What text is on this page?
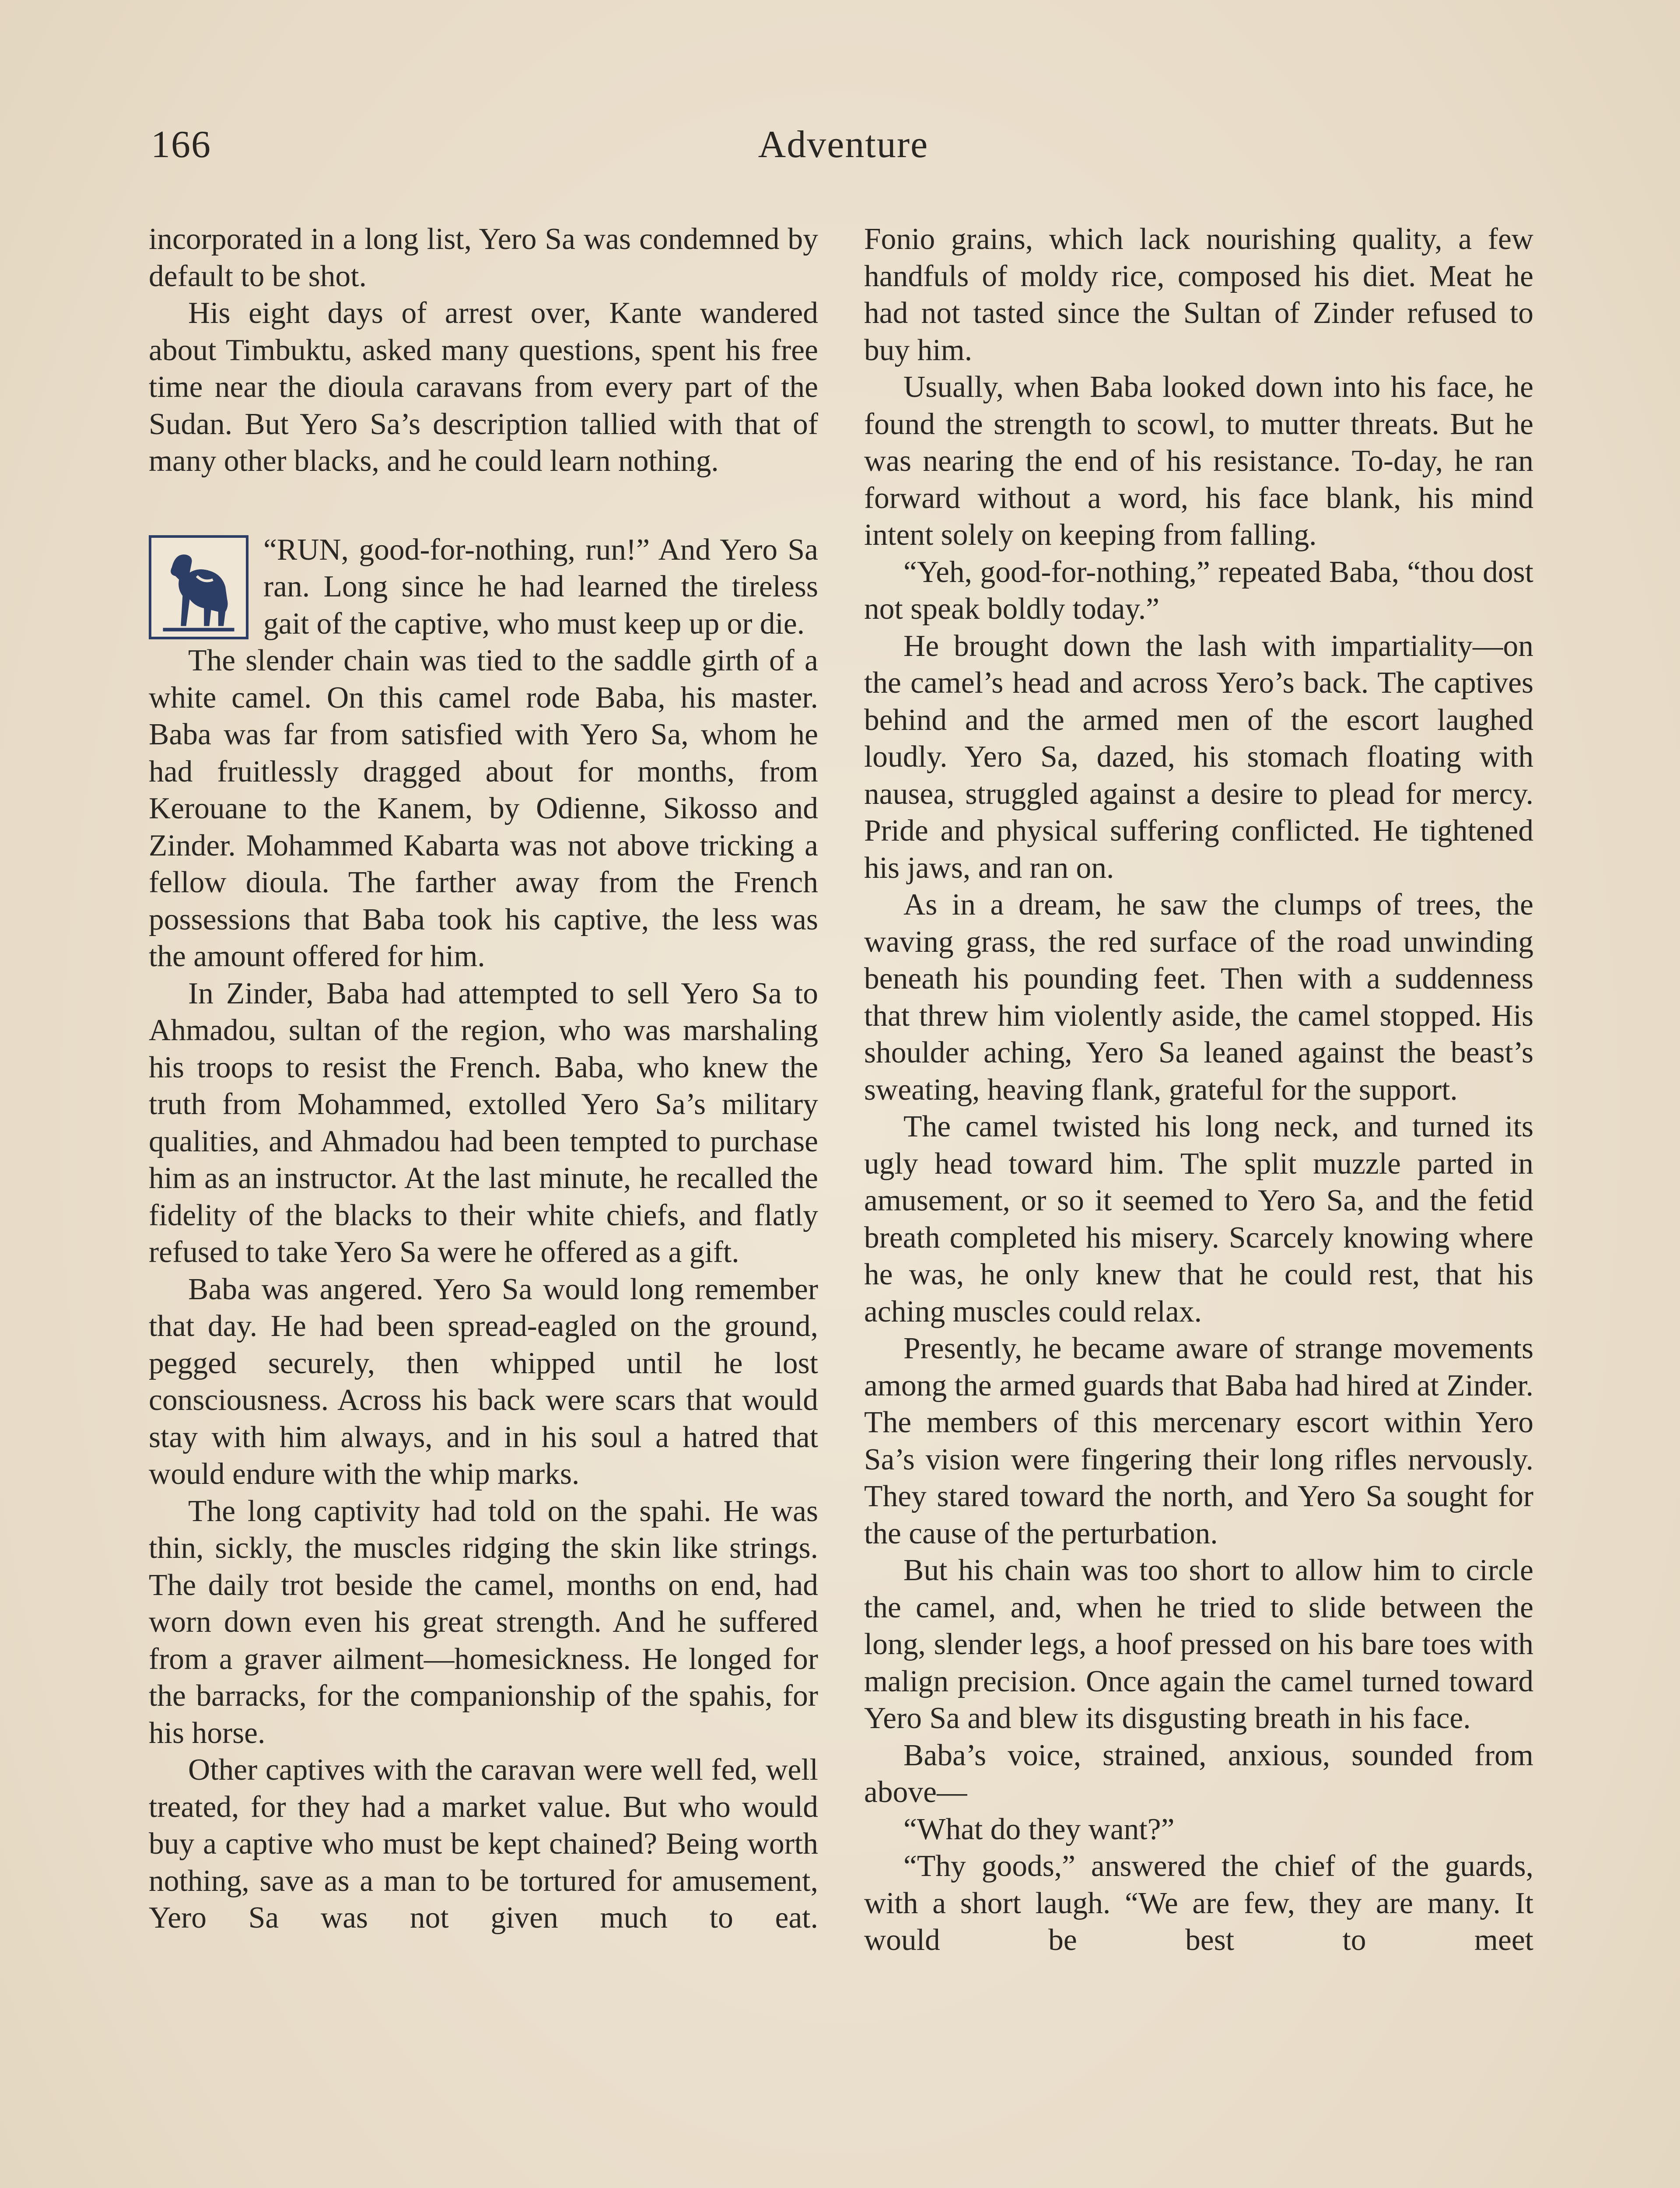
166	Adventure

incorporated in a long list, Yero Sa was condemned by default to be shot.

His eight days of arrest over, Kante wandered about Timbuktu, asked many questions, spent his free time near the dioula caravans from every part of the Sudan. But Yero Sa’s description tallied with that of many other blacks, and he could learn nothing.

“RUN, good-for-nothing, run!” And Yero Sa ran. Long since he had learned the tireless gait of the captive, who must keep up or die.

The slender chain was tied to the saddle girth of a white camel. On this camel rode Baba, his master. Baba was far from satisfied with Yero Sa, whom he had fruitlessly dragged about for months, from Kerouane to the Kanem, by Odienne, Sikosso and Zinder. Mohammed Kabarta was not above tricking a fellow dioula. The farther away from the French possessions that Baba took his captive, the less was the amount offered for him.

In Zinder, Baba had attempted to sell Yero Sa to Ahmadou, sultan of the region, who was marshaling his troops to resist the French. Baba, who knew the truth from Mohammed, extolled Yero Sa’s military qualities, and Ahmadou had been tempted to purchase him as an instructor. At the last minute, he recalled the fidelity of the blacks to their white chiefs, and flatly refused to take Yero Sa were he offered as a gift.

Baba was angered. Yero Sa would long remember that day. He had been spread-eagled on the ground, pegged securely, then whipped until he lost consciousness. Across his back were scars that would stay with him always, and in his soul a hatred that would endure with the whip marks.

The long captivity had told on the spahi. He was thin, sickly, the muscles ridging the skin like strings. The daily trot beside the camel, months on end, had worn down even his great strength. And he suffered from a graver ailment—homesickness. He longed for the barracks, for the companionship of the spahis, for his horse.

Other captives with the caravan were well fed, well treated, for they had a market value. But who would buy a captive who must be kept chained? Being worth nothing, save as a man to be tortured for amusement, Yero Sa was not given much to eat.

Fonio grains, which lack nourishing quality, a few handfuls of moldy rice, composed his diet. Meat he had not tasted since the Sultan of Zinder refused to buy him.

Usually, when Baba looked down into his face, he found the strength to scowl, to mutter threats. But he was nearing the end of his resistance. To-day, he ran forward without a word, his face blank, his mind intent solely on keeping from falling.

“Yeh, good-for-nothing,” repeated Baba, “thou dost not speak boldly today.”

He brought down the lash with impartiality—on the camel’s head and across Yero’s back. The captives behind and the armed men of the escort laughed loudly. Yero Sa, dazed, his stomach floating with nausea, struggled against a desire to plead for mercy. Pride and physical suffering conflicted. He tightened his jaws, and ran on.

As in a dream, he saw the clumps of trees, the waving grass, the red surface of the road unwinding beneath his pounding feet. Then with a suddenness that threw him violently aside, the camel stopped. His shoulder aching, Yero Sa leaned against the beast’s sweating, heaving flank, grateful for the support.

The camel twisted his long neck, and turned its ugly head toward him. The split muzzle parted in amusement, or so it seemed to Yero Sa, and the fetid breath completed his misery. Scarcely knowing where he was, he only knew that he could rest, that his aching muscles could relax.

Presently, he became aware of strange movements among the armed guards that Baba had hired at Zinder. The members of this mercenary escort within Yero Sa’s vision were fingering their long rifles nervously. They stared toward the north, and Yero Sa sought for the cause of the perturbation.

But his chain was too short to allow him to circle the camel, and, when he tried to slide between the long, slender legs, a hoof pressed on his bare toes with malign precision. Once again the camel turned toward Yero Sa and blew its disgusting breath in his face.

Baba’s voice, strained, anxious, sounded from above—

“What do they want?”

“Thy goods,” answered the chief of the guards, with a short laugh. “We are few, they are many. It would be best to meet
